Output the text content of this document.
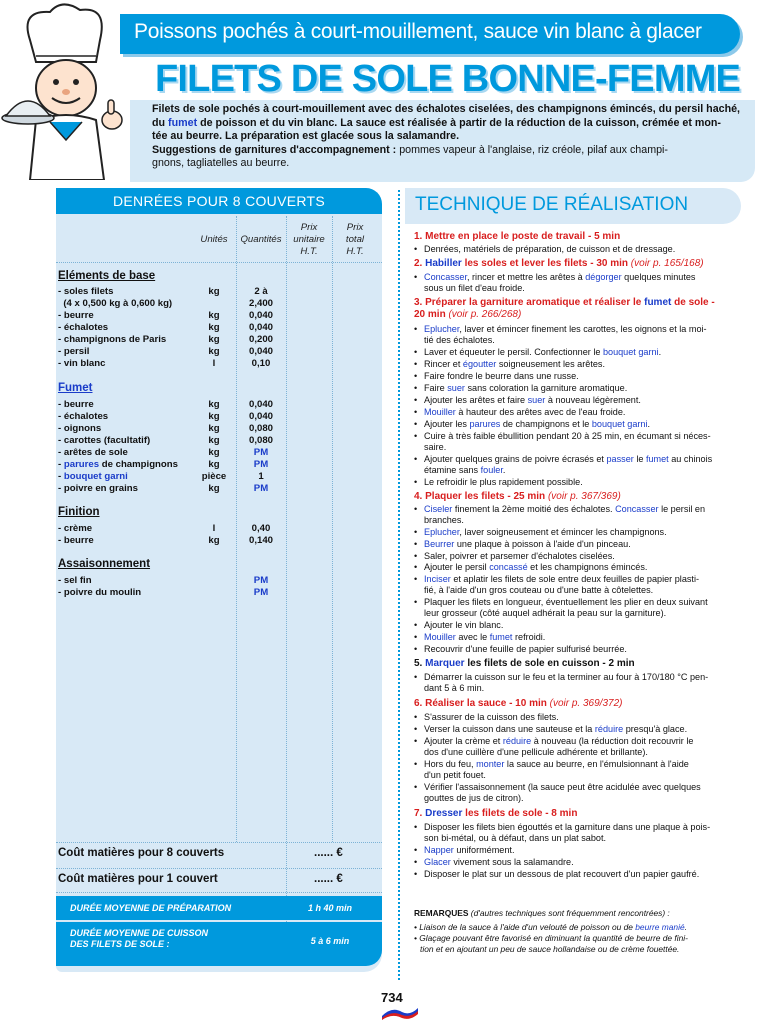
Poissons pochés à court-mouillement, sauce vin blanc à glacer
FILETS DE SOLE BONNE-FEMME

Filets de sole pochés à court-mouillement avec des échalotes ciselées, des champignons émincés, du persil haché,
du fumet de poisson et du vin blanc. La sauce est réalisée à partir de la réduction de la cuisson, crémée et mon-
tée au beurre. La préparation est glacée sous la salamandre.
Suggestions de garnitures d'accompagnement : pommes vapeur à l'anglaise, riz créole, pilaf aux champi-
gnons, tagliatelles au beurre.

DENRÉES POUR 8 COUVERTS
Unités	Quantités
Prix
unitaire
H.T.
Prix
total
H.T.
Eléments de base
- soles filets	kg	2 à
(4 x 0,500 kg à 0,600 kg)	2,400
- beurre	kg	0,040
- échalotes	kg	0,040
- champignons de Paris	kg	0,200
- persil	kg	0,040
- vin blanc	l	0,10
Fumet
- beurre	kg	0,040
- échalotes	kg	0,040
- oignons	kg	0,080
- carottes (facultatif)	kg	0,080
- arêtes de sole	kg	PM
- parures de champignons	kg	PM
- bouquet garni	pièce	1
- poivre en grains	kg	PM
Finition
- crème	l	0,40
- beurre	kg	0,140
Assaisonnement
- sel fin	PM
- poivre du moulin	PM
Coût matières pour 8 couverts	...... €
Coût matières pour 1 couvert	...... €
DURÉE MOYENNE DE PRÉPARATION	1 h 40 min
DURÉE MOYENNE DE CUISSON
DES FILETS DE SOLE :	5 à 6 min
TECHNIQUE DE RÉALISATION
1. Mettre en place le poste de travail - 5 min
• Denrées, matériels de préparation, de cuisson et de dressage.
2. Habiller les soles et lever les filets - 30 min (voir p. 165/168)
• Concasser, rincer et mettre les arêtes à dégorger quelques minutes
sous un filet d'eau froide.
3. Préparer la garniture aromatique et réaliser le fumet de sole -
20 min (voir p. 266/268)
• Eplucher, laver et émincer finement les carottes, les oignons et la moi-
tié des échalotes.
• Laver et équeuter le persil. Confectionner le bouquet garni.
• Rincer et égoutter soigneusement les arêtes.
• Faire fondre le beurre dans une russe.
• Faire suer sans coloration la garniture aromatique.
• Ajouter les arêtes et faire suer à nouveau légèrement.
• Mouiller à hauteur des arêtes avec de l'eau froide.
• Ajouter les parures de champignons et le bouquet garni.
• Cuire à très faible ébullition pendant 20 à 25 min, en écumant si néces-
saire.
• Ajouter quelques grains de poivre écrasés et passer le fumet au chinois
étamine sans fouler.
• Le refroidir le plus rapidement possible.
4. Plaquer les filets - 25 min (voir p. 367/369)
• Ciseler finement la 2ème moitié des échalotes. Concasser le persil en
branches.
• Eplucher, laver soigneusement et émincer les champignons.
• Beurrer une plaque à poisson à l'aide d'un pinceau.
• Saler, poivrer et parsemer d'échalotes ciselées.
• Ajouter le persil concassé et les champignons émincés.
• Inciser et aplatir les filets de sole entre deux feuilles de papier plasti-
fié, à l'aide d'un gros couteau ou d'une batte à côtelettes.
• Plaquer les filets en longueur, éventuellement les plier en deux suivant
leur grosseur (côté auquel adhérait la peau sur la garniture).
• Ajouter le vin blanc.
• Mouiller avec le fumet refroidi.
• Recouvrir d'une feuille de papier sulfurisé beurrée.
5. Marquer les filets de sole en cuisson - 2 min
• Démarrer la cuisson sur le feu et la terminer au four à 170/180 °C pen-
dant 5 à 6 min.
6. Réaliser la sauce - 10 min (voir p. 369/372)
• S'assurer de la cuisson des filets.
• Verser la cuisson dans une sauteuse et la réduire presqu'à glace.
• Ajouter la crème et réduire à nouveau (la réduction doit recouvrir le
dos d'une cuillère d'une pellicule adhérente et brillante).
• Hors du feu, monter la sauce au beurre, en l'émulsionnant à l'aide
d'un petit fouet.
• Vérifier l'assaisonnement (la sauce peut être acidulée avec quelques
gouttes de jus de citron).
7. Dresser les filets de sole - 8 min
• Disposer les filets bien égouttés et la garniture dans une plaque à pois-
son bi-métal, ou à défaut, dans un plat sabot.
• Napper uniformément.
• Glacer vivement sous la salamandre.
• Disposer le plat sur un dessous de plat recouvert d'un papier gaufré.
REMARQUES (d'autres techniques sont fréquemment rencontrées) :
• Liaison de la sauce à l'aide d'un velouté de poisson ou de beurre manié.
• Glaçage pouvant être favorisé en diminuant la quantité de beurre de fini-
tion et en ajoutant un peu de sauce hollandaise ou de crème fouettée.
734
